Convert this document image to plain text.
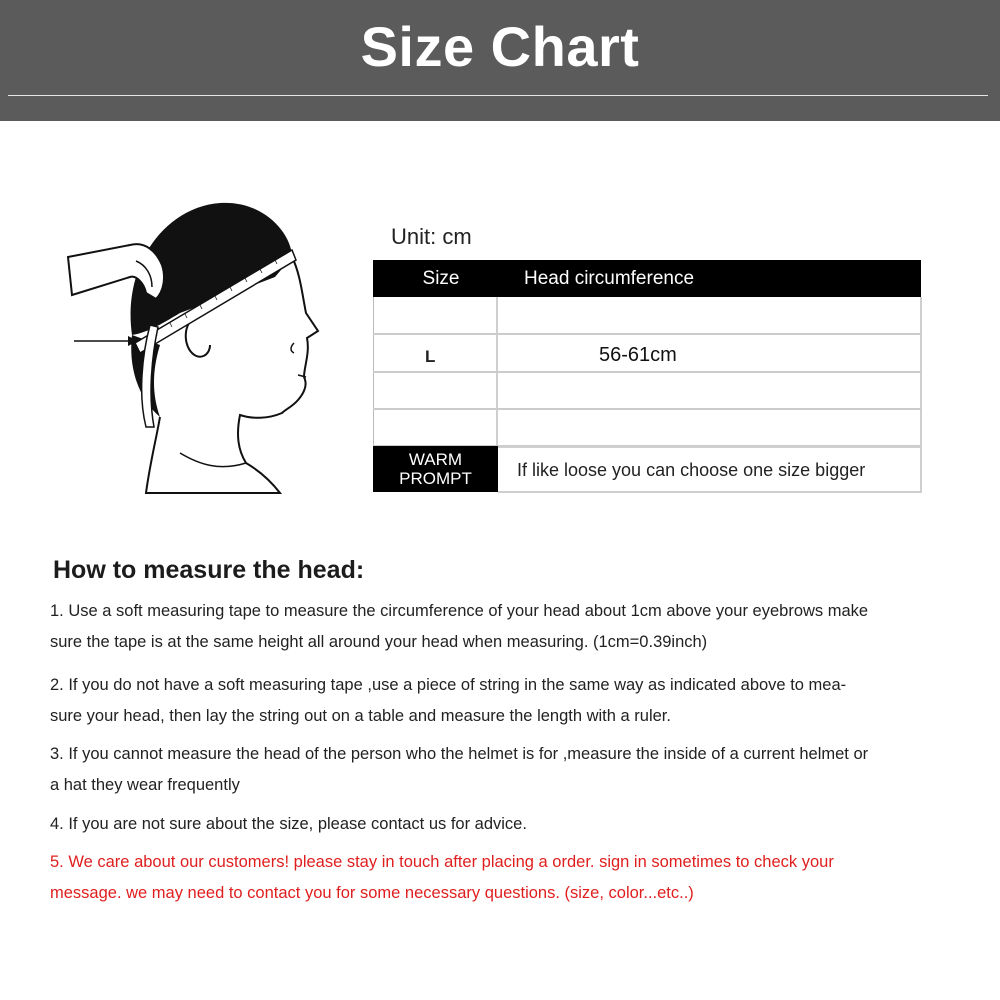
Size Chart
Unit: cm
Size	Head circumference
L	56-61cm
WARM
PROMPT	If like loose you can choose one size bigger
How to measure the head:
1. Use a soft measuring tape to measure the circumference of your head about 1cm above your eyebrows make
sure the tape is at the same height all around your head when measuring. (1cm=0.39inch)
2. If you do not have a soft measuring tape ,use a piece of string in the same way as indicated above to mea-
sure your head, then lay the string out on a table and measure the length with a ruler.
3. If you cannot measure the head of the person who the helmet is for ,measure the inside of a current helmet or
a hat they wear frequently
4. If you are not sure about the size, please contact us for advice.
5. We care about our customers! please stay in touch after placing a order. sign in sometimes to check your
message. we may need to contact you for some necessary questions. (size, color...etc..)
